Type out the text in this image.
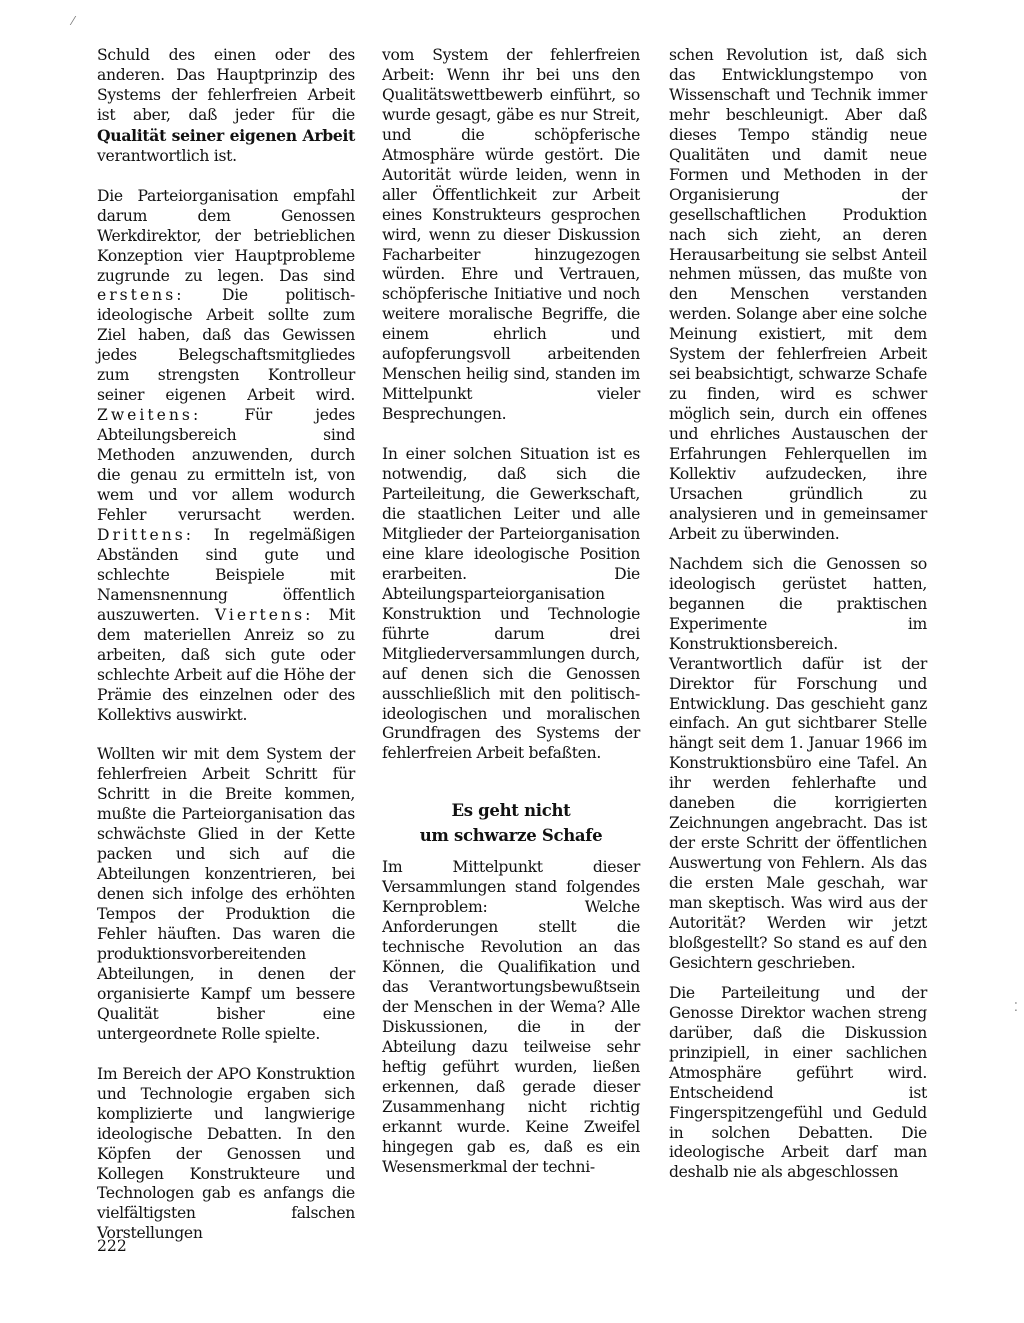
Schuld des einen oder des anderen. Das Hauptprinzip des Systems der fehlerfreien Arbeit ist aber, daß jeder für die Qualität seiner eigenen Arbeit verantwortlich ist.

Die Parteiorganisation empfahl darum dem Genossen Werkdirektor, der betrieblichen Konzeption vier Hauptprobleme zugrunde zu legen. Das sind erstens: Die politisch-ideologische Arbeit sollte zum Ziel haben, daß das Gewissen jedes Belegschaftsmitgliedes zum strengsten Kontrolleur seiner eigenen Arbeit wird. Zweitens: Für jedes Abteilungsbereich sind Methoden anzuwenden, durch die genau zu ermitteln ist, von wem und vor allem wodurch Fehler verursacht werden. Drittens: In regelmäßigen Abständen sind gute und schlechte Beispiele mit Namensnennung öffentlich auszuwerten. Viertens: Mit dem materiellen Anreiz so zu arbeiten, daß sich gute oder schlechte Arbeit auf die Höhe der Prämie des einzelnen oder des Kollektivs auswirkt.

Wollten wir mit dem System der fehlerfreien Arbeit Schritt für Schritt in die Breite kommen, mußte die Parteiorganisation das schwächste Glied in der Kette packen und sich auf die Abteilungen konzentrieren, bei denen sich infolge des erhöhten Tempos der Produktion die Fehler häuften. Das waren die produktionsvorbereitenden Abteilungen, in denen der organisierte Kampf um bessere Qualität bisher eine untergeordnete Rolle spielte.

Im Bereich der APO Konstruktion und Technologie ergaben sich komplizierte und langwierige ideologische Debatten. In den Köpfen der Genossen und Kollegen Konstrukteure und Technologen gab es anfangs die vielfältigsten falschen Vorstellungen

vom System der fehlerfreien Arbeit: Wenn ihr bei uns den Qualitätswettbewerb einführt, so wurde gesagt, gäbe es nur Streit, und die schöpferische Atmosphäre würde gestört. Die Autorität würde leiden, wenn in aller Öffentlichkeit zur Arbeit eines Konstrukteurs gesprochen wird, wenn zu dieser Diskussion Facharbeiter hinzugezogen würden. Ehre und Vertrauen, schöpferische Initiative und noch weitere moralische Begriffe, die einem ehrlich und aufopferungsvoll arbeitenden Menschen heilig sind, standen im Mittelpunkt vieler Besprechungen.

In einer solchen Situation ist es notwendig, daß sich die Parteileitung, die Gewerkschaft, die staatlichen Leiter und alle Mitglieder der Parteiorganisation eine klare ideologische Position erarbeiten. Die Abteilungsparteiorganisation Konstruktion und Technologie führte darum drei Mitgliederversammlungen durch, auf denen sich die Genossen ausschließlich mit den politisch-ideologischen und moralischen Grundfragen des Systems der fehlerfreien Arbeit befaßten.

Es geht nicht
um schwarze Schafe

Im Mittelpunkt dieser Versammlungen stand folgendes Kernproblem: Welche Anforderungen stellt die technische Revolution an das Können, die Qualifikation und das Verantwortungsbewußtsein der Menschen in der Wema? Alle Diskussionen, die in der Abteilung dazu teilweise sehr heftig geführt wurden, ließen erkennen, daß gerade dieser Zusammenhang nicht richtig erkannt wurde. Keine Zweifel hingegen gab es, daß es ein Wesensmerkmal der techni-

schen Revolution ist, daß sich das Entwicklungstempo von Wissenschaft und Technik immer mehr beschleunigt. Aber daß dieses Tempo ständig neue Qualitäten und damit neue Formen und Methoden in der Organisierung der gesellschaftlichen Produktion nach sich zieht, an deren Herausarbeitung sie selbst Anteil nehmen müssen, das mußte von den Menschen verstanden werden. Solange aber eine solche Meinung existiert, mit dem System der fehlerfreien Arbeit sei beabsichtigt, schwarze Schafe zu finden, wird es schwer möglich sein, durch ein offenes und ehrliches Austauschen der Erfahrungen Fehlerquellen im Kollektiv aufzudecken, ihre Ursachen gründlich zu analysieren und in gemeinsamer Arbeit zu überwinden.

Nachdem sich die Genossen so ideologisch gerüstet hatten, begannen die praktischen Experimente im Konstruktionsbereich. Verantwortlich dafür ist der Direktor für Forschung und Entwicklung. Das geschieht ganz einfach. An gut sichtbarer Stelle hängt seit dem 1. Januar 1966 im Konstruktionsbüro eine Tafel. An ihr werden fehlerhafte und daneben die korrigierten Zeichnungen angebracht. Das ist der erste Schritt der öffentlichen Auswertung von Fehlern. Als das die ersten Male geschah, war man skeptisch. Was wird aus der Autorität? Werden wir jetzt bloßgestellt? So stand es auf den Gesichtern geschrieben.

Die Parteileitung und der Genosse Direktor wachen streng darüber, daß die Diskussion prinzipiell, in einer sachlichen Atmosphäre geführt wird. Entscheidend ist Fingerspitzengefühl und Geduld in solchen Debatten. Die ideologische Arbeit darf man deshalb nie als abgeschlossen

222
⁄
⁚
